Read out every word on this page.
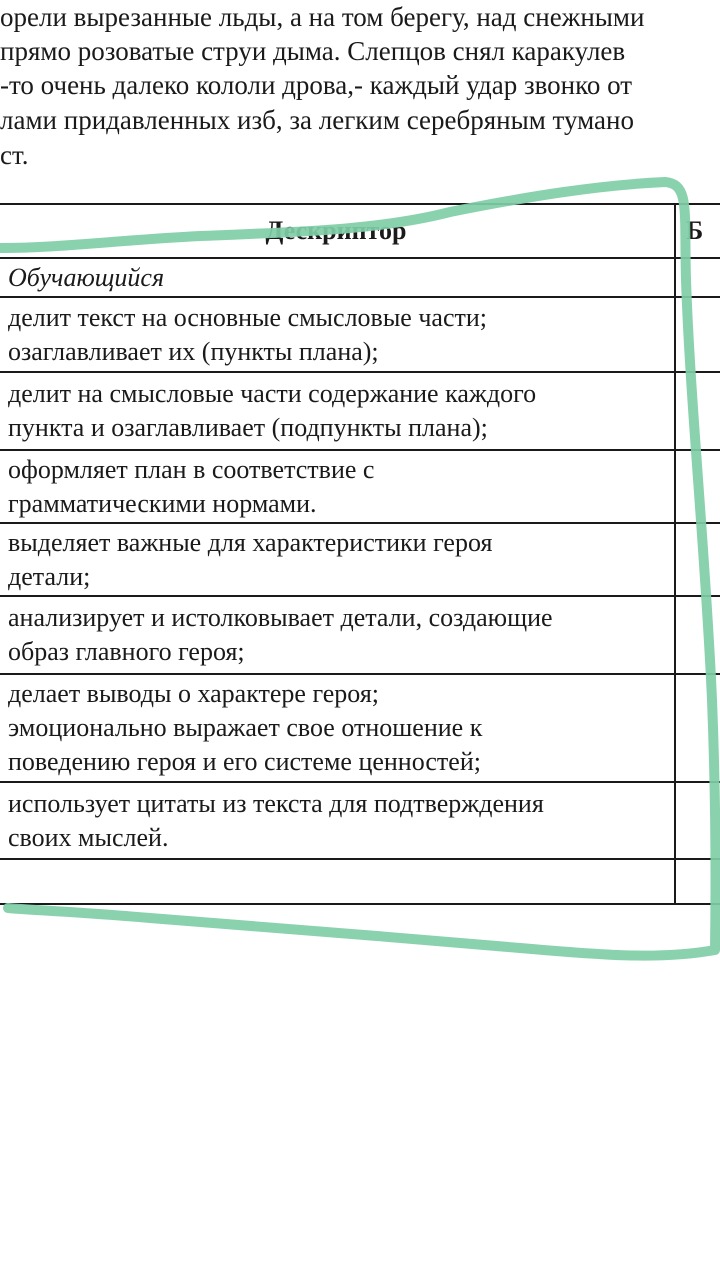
орели вырезанные льды, а на том берегу, над снежными
прямо розоватые струи дыма. Слепцов снял каракулев
-то очень далеко кололи дрова,- каждый удар звонко от
лами придавленных изб, за легким серебряным тумано
ст.
Дескриптор	Б
Обучающийся	

делит текст на основные смысловые части;
озаглавливает их (пункты плана);	

делит на смысловые части содержание каждого
пункта и озаглавливает (подпункты плана);	

оформляет план в соответствие с
грамматическими нормами.	

выделяет важные для характеристики героя
детали;	

анализирует и истолковывает детали, создающие
образ главного героя;	

делает выводы о характере героя;
эмоционально выражает свое отношение к
поведению героя и его системе ценностей;	

использует цитаты из текста для подтверждения
своих мыслей.	
